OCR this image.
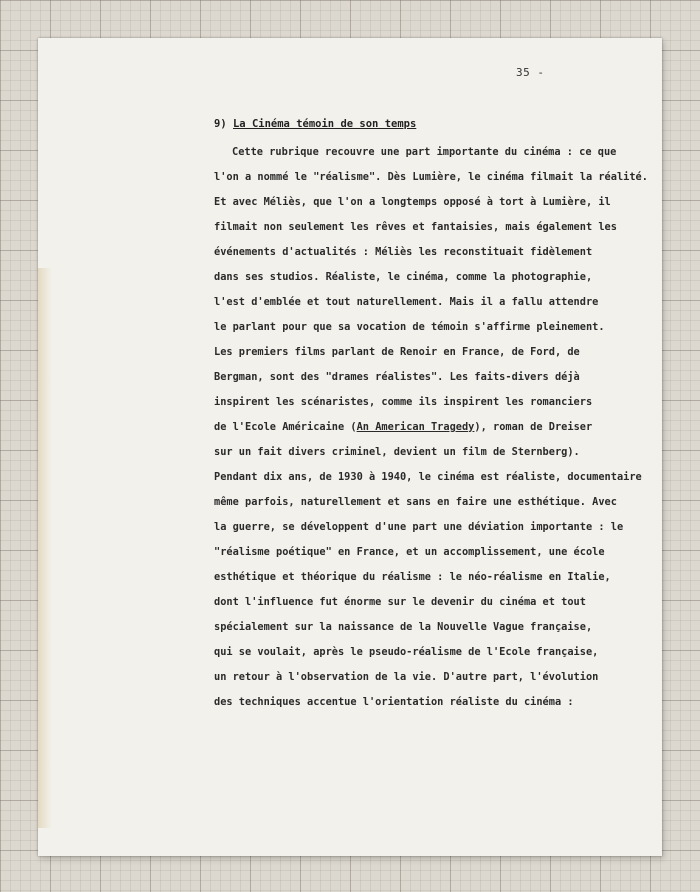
35 -
9) La Cinéma témoin de son temps
Cette rubrique recouvre une part importante du cinéma : ce que
l'on a nommé le "réalisme". Dès Lumière, le cinéma filmait la réalité.
Et avec Méliès, que l'on a longtemps opposé à tort à Lumière, il
filmait non seulement les rêves et fantaisies, mais également les
événements d'actualités : Méliès les reconstituait fidèlement
dans ses studios. Réaliste, le cinéma, comme la photographie,
l'est d'emblée et tout naturellement. Mais il a fallu attendre
le parlant pour que sa vocation de témoin s'affirme pleinement.
Les premiers films parlant de Renoir en France, de Ford, de
Bergman, sont des "drames réalistes". Les faits-divers déjà
inspirent les scénaristes, comme ils inspirent les romanciers
de l'Ecole Américaine (An American Tragedy), roman de Dreiser
sur un fait divers criminel, devient un film de Sternberg).
Pendant dix ans, de 1930 à 1940, le cinéma est réaliste, documentaire
même parfois, naturellement et sans en faire une esthétique. Avec
la guerre, se développent d'une part une déviation importante : le
"réalisme poétique" en France, et un accomplissement, une école
esthétique et théorique du réalisme : le néo-réalisme en Italie,
dont l'influence fut énorme sur le devenir du cinéma et tout
spécialement sur la naissance de la Nouvelle Vague française,
qui se voulait, après le pseudo-réalisme de l'Ecole française,
un retour à l'observation de la vie. D'autre part, l'évolution
des techniques accentue l'orientation réaliste du cinéma :
